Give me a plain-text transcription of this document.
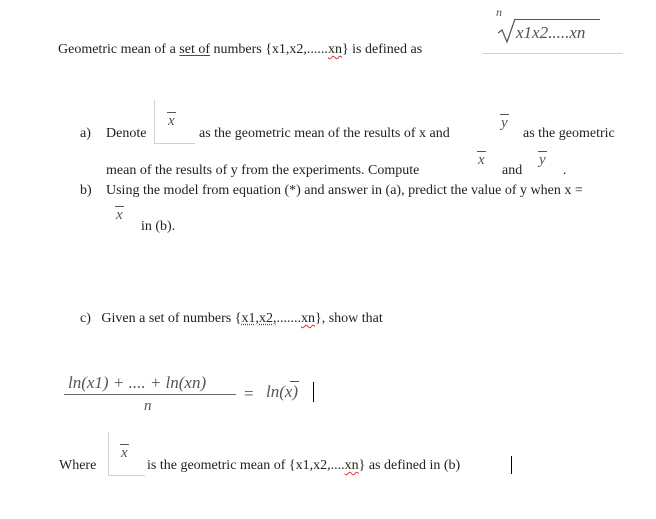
Geometric mean of a set of numbers {x1,x2,......xn} is defined as
n
x1x2.....xn
a) Denote
x
as the geometric mean of the results of x and
y
as the geometric
mean of the results of y from the experiments. Compute
x
and
y
.
b) Using the model from equation (*) and answer in (a), predict the value of y when x =
x
in (b).
c) Given a set of numbers {x1,x2,.......xn}, show that
ln(x1) + .... + ln(xn)
n
= ln(x)
Where
x
is the geometric mean of {x1,x2,....xn} as defined in (b)
